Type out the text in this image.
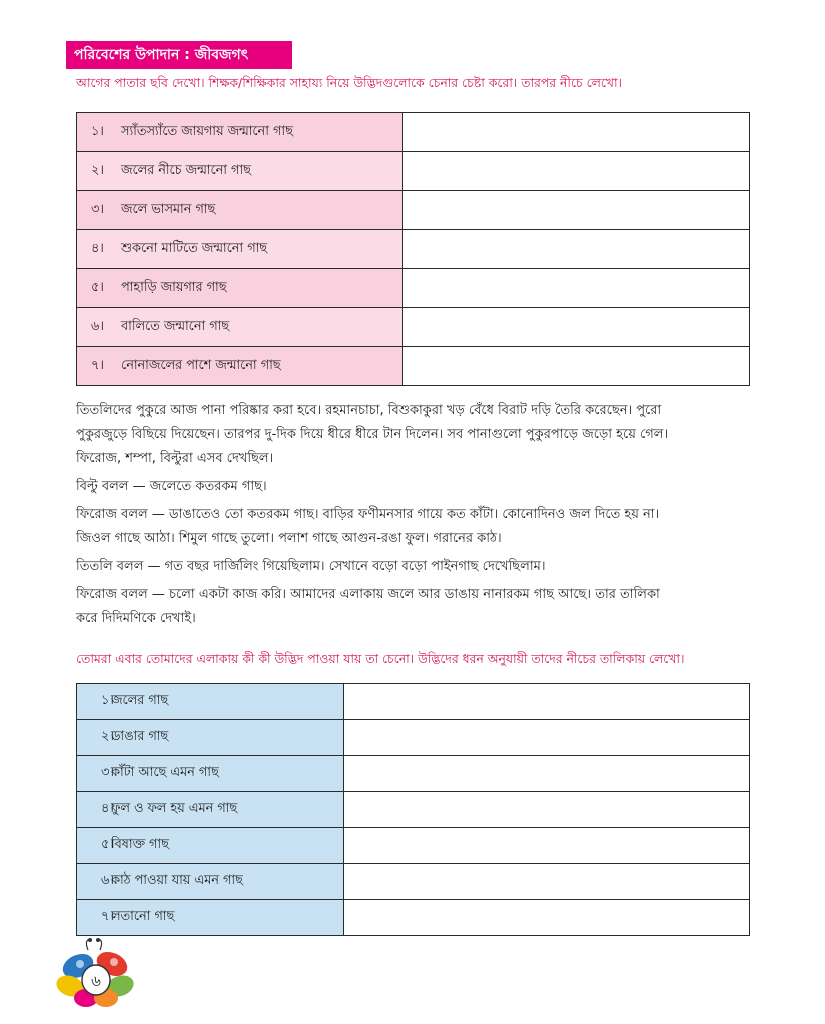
পরিবেশের উপাদান : জীবজগৎ
আগের পাতার ছবি দেখো। শিক্ষক/শিক্ষিকার সাহায্য নিয়ে উদ্ভিদগুলোকে চেনার চেষ্টা করো। তারপর নীচে লেখো।
১। স্যাঁতস্যাঁতে জায়গায় জন্মানো গাছ	
২। জলের নীচে জন্মানো গাছ	
৩। জলে ভাসমান গাছ	
৪। শুকনো মাটিতে জন্মানো গাছ	
৫। পাহাড়ি জায়গার গাছ	
৬। বালিতে জন্মানো গাছ	
৭। নোনাজলের পাশে জন্মানো গাছ	

তিতলিদের পুকুরে আজ পানা পরিষ্কার করা হবে। রহমানচাচা, বিশুকাকুরা খড় বেঁধে বিরাট দড়ি তৈরি করেছেন। পুরো

পুকুরজুড়ে বিছিয়ে দিয়েছেন। তারপর দু-দিক দিয়ে ধীরে ধীরে টান দিলেন। সব পানাগুলো পুকুরপাড়ে জড়ো হয়ে গেল।

ফিরোজ, শম্পা, বিল্টুরা এসব দেখছিল।

বিল্টু বলল — জলেতে কতরকম গাছ।

ফিরোজ বলল — ডাঙাতেও তো কতরকম গাছ। বাড়ির ফণীমনসার গায়ে কত কাঁটা। কোনোদিনও জল দিতে হয় না।

জিওল গাছে আঠা। শিমুল গাছে তুলো। পলাশ গাছে আগুন-রঙা ফুল। গরানের কাঠ।

তিতলি বলল — গত বছর দার্জিলিং গিয়েছিলাম। সেখানে বড়ো বড়ো পাইনগাছ দেখেছিলাম।

ফিরোজ বলল — চলো একটা কাজ করি। আমাদের এলাকায় জলে আর ডাঙায় নানারকম গাছ আছে। তার তালিকা

করে দিদিমণিকে দেখাই।

তোমরা এবার তোমাদের এলাকায় কী কী উদ্ভিদ পাওয়া যায় তা চেনো। উদ্ভিদের ধরন অনুযায়ী তাদের নীচের তালিকায় লেখো।
১।জলের গাছ	
২।ডাঙার গাছ	
৩।কাঁটা আছে এমন গাছ	
৪।ফুল ও ফল হয় এমন গাছ	
৫।বিষাক্ত গাছ	
৬।কাঠ পাওয়া যায় এমন গাছ	
৭।লতানো গাছ	
৬
